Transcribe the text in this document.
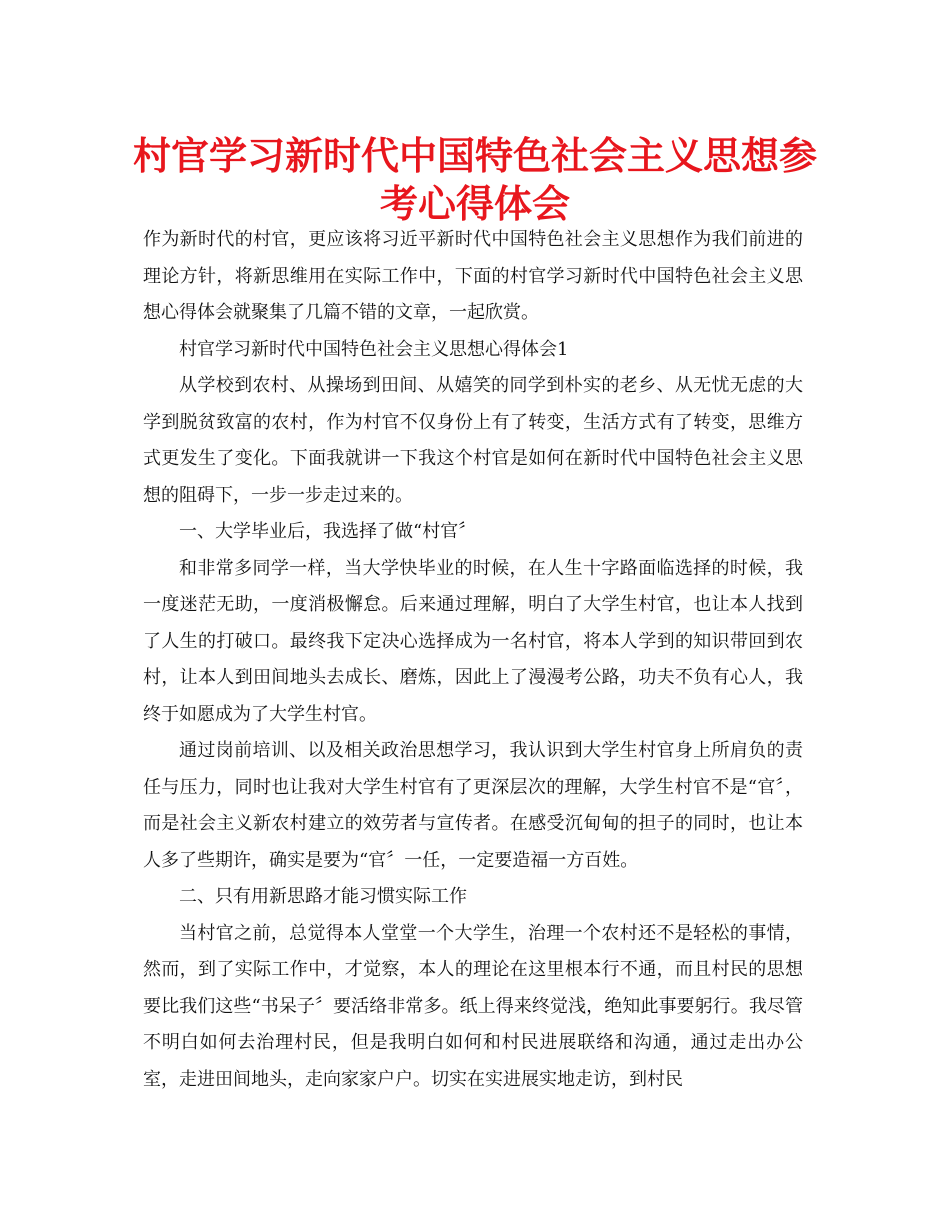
村官学习新时代中国特色社会主义思想参考心得体会

作为新时代的村官，更应该将习近平新时代中国特色社会主义思想作为我们前进的理论方针，将新思维用在实际工作中，下面的村官学习新时代中国特色社会主义思想心得体会就聚集了几篇不错的文章，一起欣赏。

村官学习新时代中国特色社会主义思想心得体会1

从学校到农村、从操场到田间、从嬉笑的同学到朴实的老乡、从无忧无虑的大学到脱贫致富的农村，作为村官不仅身份上有了转变，生活方式有了转变，思维方式更发生了变化。下面我就讲一下我这个村官是如何在新时代中国特色社会主义思想的阻碍下，一步一步走过来的。

一、大学毕业后，我选择了做“村官〞

和非常多同学一样，当大学快毕业的时候，在人生十字路面临选择的时候，我一度迷茫无助，一度消极懈怠。后来通过理解，明白了大学生村官，也让本人找到了人生的打破口。最终我下定决心选择成为一名村官，将本人学到的知识带回到农村，让本人到田间地头去成长、磨炼，因此上了漫漫考公路，功夫不负有心人，我终于如愿成为了大学生村官。

通过岗前培训、以及相关政治思想学习，我认识到大学生村官身上所肩负的责任与压力，同时也让我对大学生村官有了更深层次的理解，大学生村官不是“官〞，而是社会主义新农村建立的效劳者与宣传者。在感受沉甸甸的担子的同时，也让本人多了些期许，确实是要为“官〞一任，一定要造福一方百姓。

二、只有用新思路才能习惯实际工作

当村官之前，总觉得本人堂堂一个大学生，治理一个农村还不是轻松的事情，然而，到了实际工作中，才觉察，本人的理论在这里根本行不通，而且村民的思想要比我们这些“书呆子〞要活络非常多。纸上得来终觉浅，绝知此事要躬行。我尽管不明白如何去治理村民，但是我明白如何和村民进展联络和沟通，通过走出办公室，走进田间地头，走向家家户户。切实在实进展实地走访，到村民
